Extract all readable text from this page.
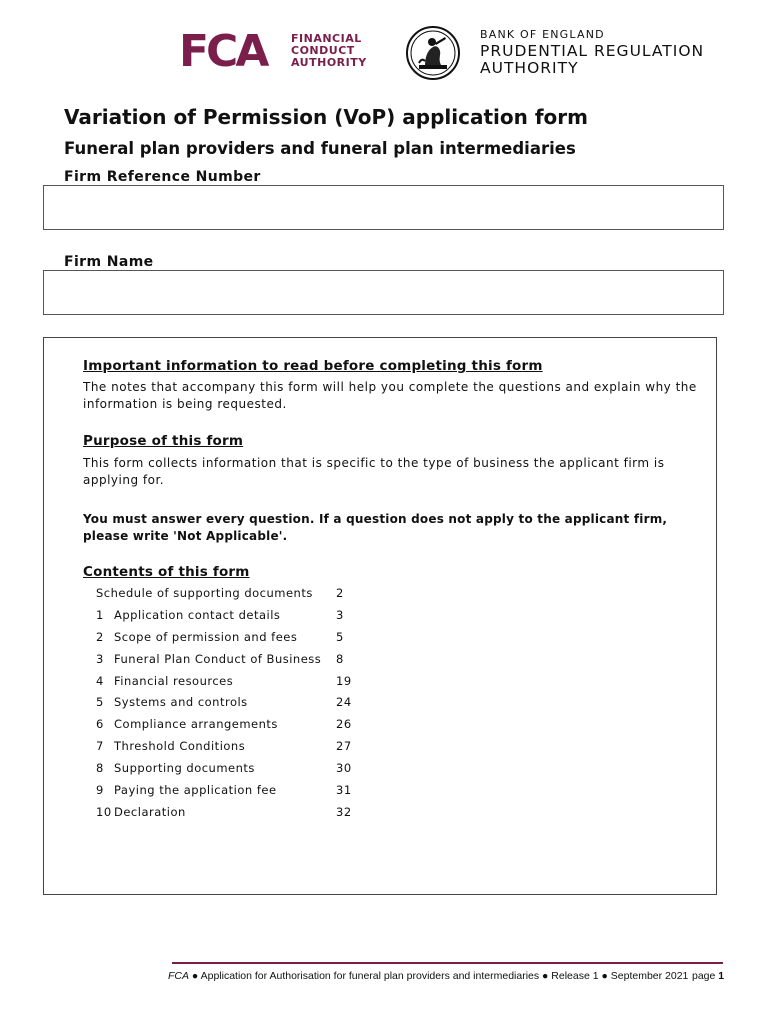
FCA	FINANCIAL
CONDUCT
AUTHORITY
BANK OF ENGLAND
PRUDENTIAL REGULATION
AUTHORITY
Variation of Permission (VoP) application form
Funeral plan providers and funeral plan intermediaries
Firm Reference Number
Firm Name
Important information to read before completing this form
The notes that accompany this form will help you complete the questions and explain why the information is being requested.
Purpose of this form
This form collects information that is specific to the type of business the applicant firm is applying for.
You must answer every question. If a question does not apply to the applicant firm, please write 'Not Applicable'.
Contents of this form
Schedule of supporting documents 2
1 Application contact details	3
2 Scope of permission and fees	5
3 Funeral Plan Conduct of Business 8
4 Financial resources	19
5 Systems and controls	24
6 Compliance arrangements	26
7 Threshold Conditions	27
8 Supporting documents	30
9 Paying the application fee	31
10 Declaration	32
FCA ● Application for Authorisation for funeral plan providers and intermediaries ● Release 1 ● September 2021 page 1
